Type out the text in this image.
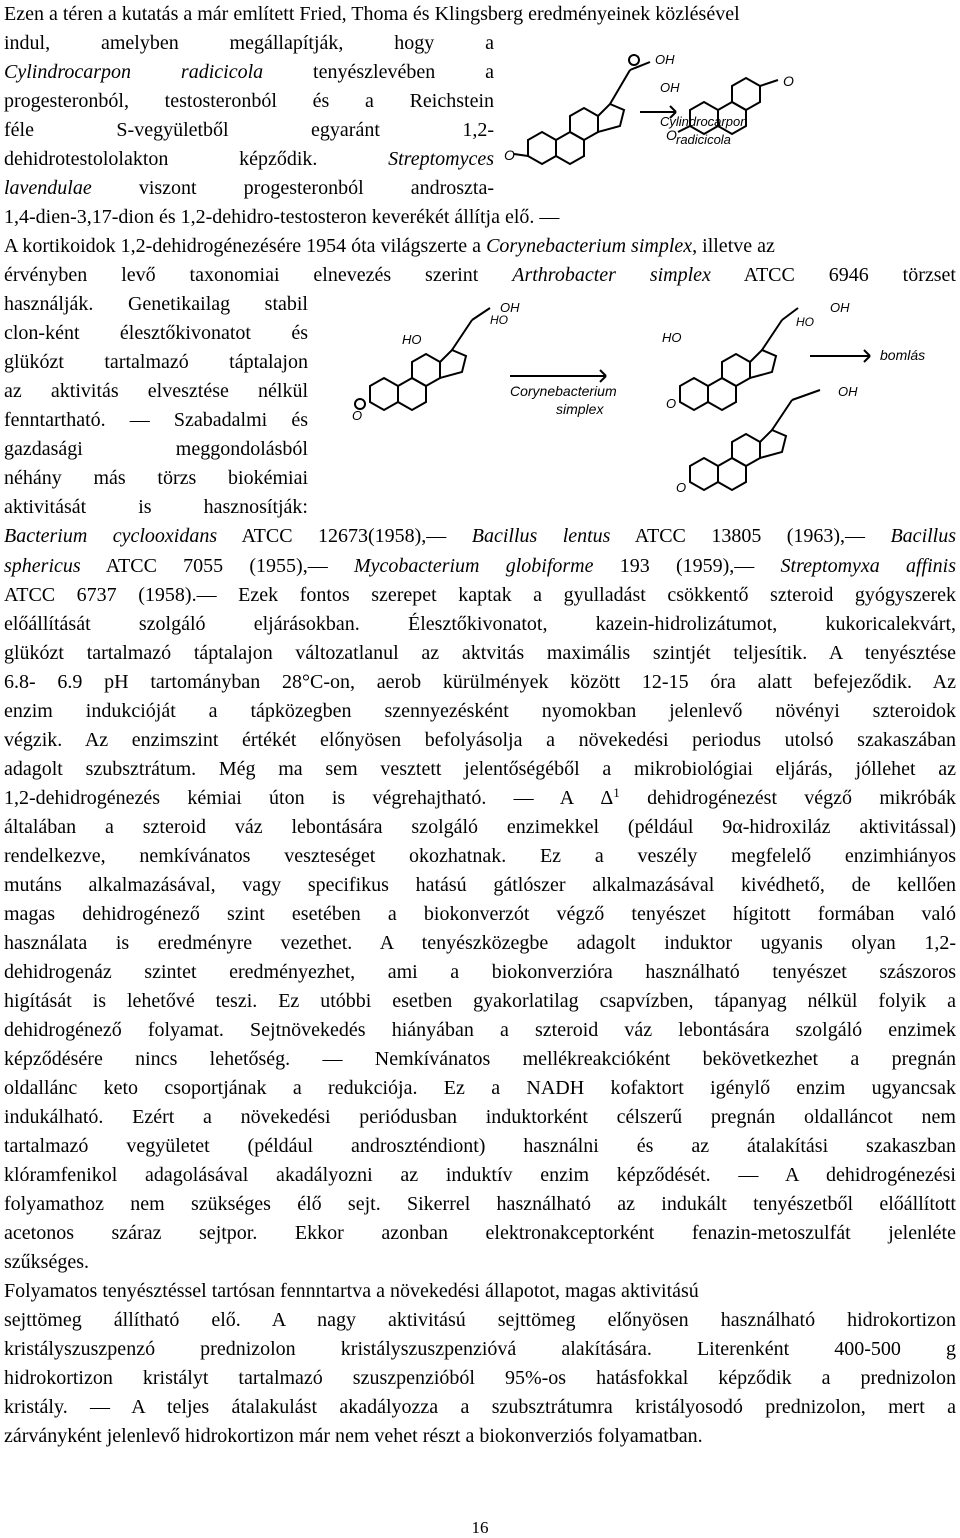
Ezen a téren a kutatás a már említett Fried, Thoma és Klingsberg eredményeinek közlésével
indul, amelyben megállapítják, hogy a
Cylindrocarpon radicicola tenyészlevében a
progesteronból, testosteronból és a Reichstein
féle S-vegyületből egyaránt 1,2-
dehidrotestololakton képződik. Streptomyces
lavendulae viszont progesteronból androszta-
1,4-dien-3,17-dion és 1,2-dehidro-testosteron keverékét állítja elő. —
A kortikoidok 1,2-dehidrogénezésére 1954 óta világszerte a Corynebacterium simplex, illetve az
érvényben levő taxonomiai elnevezés szerint Arthrobacter simplex ATCC 6946 törzset
használják. Genetikailag stabil
clon-ként élesztőkivonatot és
glükózt tartalmazó táptalajon
az aktivitás elvesztése nélkül
fenntartható. — Szabadalmi és
gazdasági meggondolásból
néhány más törzs biokémiai
aktivitását is hasznosítják:
Bacterium cyclooxidans ATCC 12673(1958),— Bacillus lentus ATCC 13805 (1963),— Bacillus
sphericus ATCC 7055 (1955),— Mycobacterium globiforme 193 (1959),— Streptomyxa affinis
ATCC 6737 (1958).— Ezek fontos szerepet kaptak a gyulladást csökkentő szteroid gyógyszerek
előállítását szolgáló eljárásokban. Élesztőkivonatot, kazein-hidrolizátumot, kukoricalekvárt,
glükózt tartalmazó táptalajon változatlanul az aktvitás maximális szintjét teljesítik. A tenyésztése
6.8- 6.9 pH tartományban 28°C-on, aerob kürülmények között 12-15 óra alatt befejeződik. Az
enzim indukcióját a tápközegben szennyezésként nyomokban jelenlevő növényi szteroidok
végzik. Az enzimszint értékét előnyösen befolyásolja a növekedési periodus utolsó szakaszában
adagolt szubsztrátum. Még ma sem vesztett jelentőségéből a mikrobiológiai eljárás, jóllehet az
1,2-dehidrogénezés kémiai úton is végrehajtható. — A $\Delta^1$ dehidrogénezést végző mikróbák
általában a szteroid váz lebontására szolgáló enzimekkel (például 9α-hidroxiláz aktivitással)
rendelkezve, nemkívánatos veszteséget okozhatnak. Ez a veszély megfelelő enzimhiányos
mutáns alkalmazásával, vagy specifikus hatású gátlószer alkalmazásával kivédhető, de kellően
magas dehidrogénező szint esetében a biokonverzót végző tenyészet hígitott formában való
használata is eredményre vezethet. A tenyészközegbe adagolt induktor ugyanis olyan 1,2-
dehidrogenáz szintet eredményezhet, ami a biokonverzióra használható tenyészet szászoros
higítását is lehetővé teszi. Ez utóbbi esetben gyakorlatilag csapvízben, tápanyag nélkül folyik a
dehidrogénező folyamat. Sejtnövekedés hiányában a szteroid váz lebontására szolgáló enzimek
képződésére nincs lehetőség. — Nemkívánatos mellékreakcióként bekövetkezhet a pregnán
oldallánc keto csoportjának a redukciója. Ez a NADH kofaktort igénylő enzim ugyancsak
indukálható. Ezért a növekedési periódusban induktorként célszerű pregnán oldalláncot nem
tartalmazó vegyületet (például androszténdiont) használni és az átalakítási szakaszban
klóramfenikol adagolásával akadályozni az induktív enzim képződését. — A dehidrogénezési
folyamathoz nem szükséges élő sejt. Sikerrel használható az indukált tenyészetből előállított
acetonos száraz sejtpor. Ekkor azonban elektronakceptorként fenazin-metoszulfát jelenléte
szűkséges.
Folyamatos tenyésztéssel tartósan fennntartva a növekedési állapotot, magas aktivitású
sejttömeg állítható elő. A nagy aktivitású sejttömeg előnyösen használható hidrokortizon
kristályszuszpenzó prednizolon kristályszuszpenzióvá alakítására. Literenként 400-500 g
hidrokortizon kristályt tartalmazó szuszpenzióból 95%-os hatásfokkal képződik a prednizolon
kristály. — A teljes átalakulást akadályozza a szubsztrátumra kristályosodó prednizolon, mert a
zárványként jelenlevő hidrokortizon már nem vehet részt a biokonverziós folyamatban.
OH
OH
O
O
O
Cylindrocarpon
radicicola
HO
HO
OH
O
Corynebacterium
simplex
HO
HO
OH
OH
O
O
bomlás
16
